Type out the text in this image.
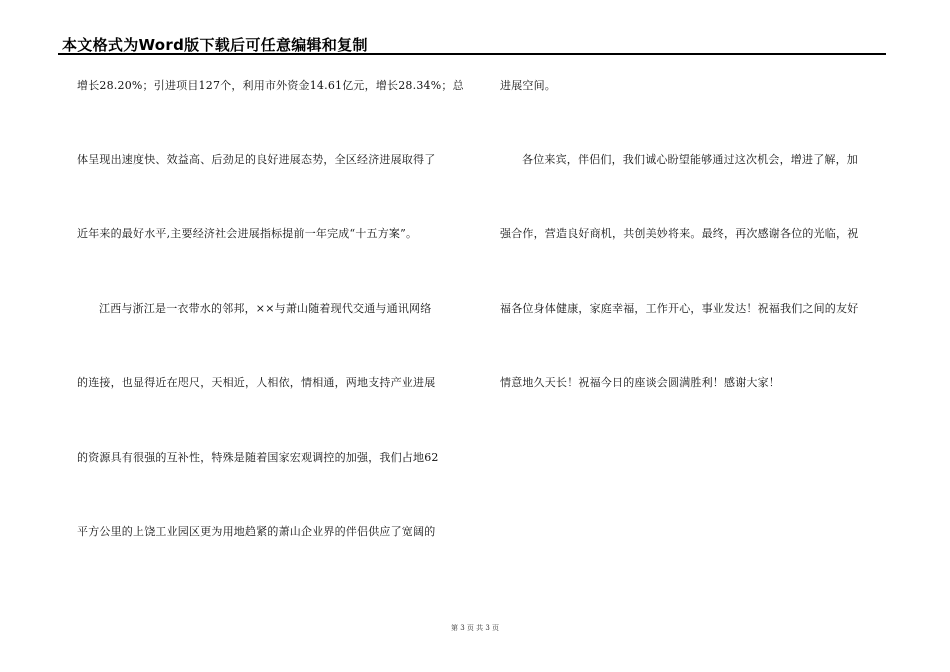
本文格式为Word版下载后可任意编辑和复制
增长28.20%；引进项目127个，利用市外资金14.61亿元，增长28.34%；总
体呈现出速度快、效益高、后劲足的良好进展态势，全区经济进展取得了
近年来的最好水平,主要经济社会进展指标提前一年完成“十五方案”。
江西与浙江是一衣带水的邻邦，××与萧山随着现代交通与通讯网络
的连接，也显得近在咫尺，天相近，人相依，情相通，两地支持产业进展
的资源具有很强的互补性，特殊是随着国家宏观调控的加强，我们占地62
平方公里的上饶工业园区更为用地趋紧的萧山企业界的伴侣供应了宽阔的
进展空间。
各位来宾，伴侣们，我们诚心盼望能够通过这次机会，增进了解，加
强合作，营造良好商机，共创美妙将来。最终，再次感谢各位的光临，祝
福各位身体健康，家庭幸福，工作开心，事业发达！祝福我们之间的友好
情意地久天长！祝福今日的座谈会圆满胜利！感谢大家！
第 3 页 共 3 页
